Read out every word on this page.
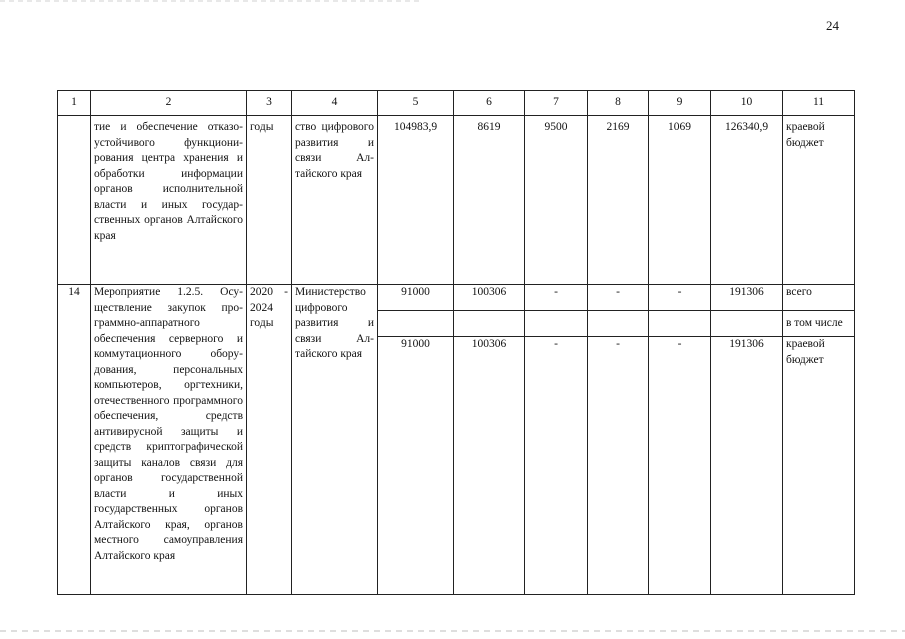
24
1	2	3	4	5	6	7	8	9	10	11
	тие и обеспечение отказоустойчивого функционирования центра хранения и обработки информации органов исполнительной власти и иных государственных органов Алтайского края	годы	ство цифрового развития и связи Алтайского края	104983,9	8619	9500	2169	1069	126340,9	краевой бюджет
14	Мероприятие 1.2.5. Осуществление закупок программно-аппаратного обеспечения серверного и коммутационного оборудования, персональных компьютеров, оргтехники, отечественного программного обеспечения, средств антивирусной защиты и средств криптографической защиты каналов связи для органов государственной власти и иных государственных органов Алтайского края, органов местного самоуправления Алтайского края	2020 - 2024 годы	Министерство цифрового развития и связи Алтайского края	91000	100306	-	-	-	191306	всего
										в том числе
				91000	100306	-	-	-	191306	краевой бюджет
